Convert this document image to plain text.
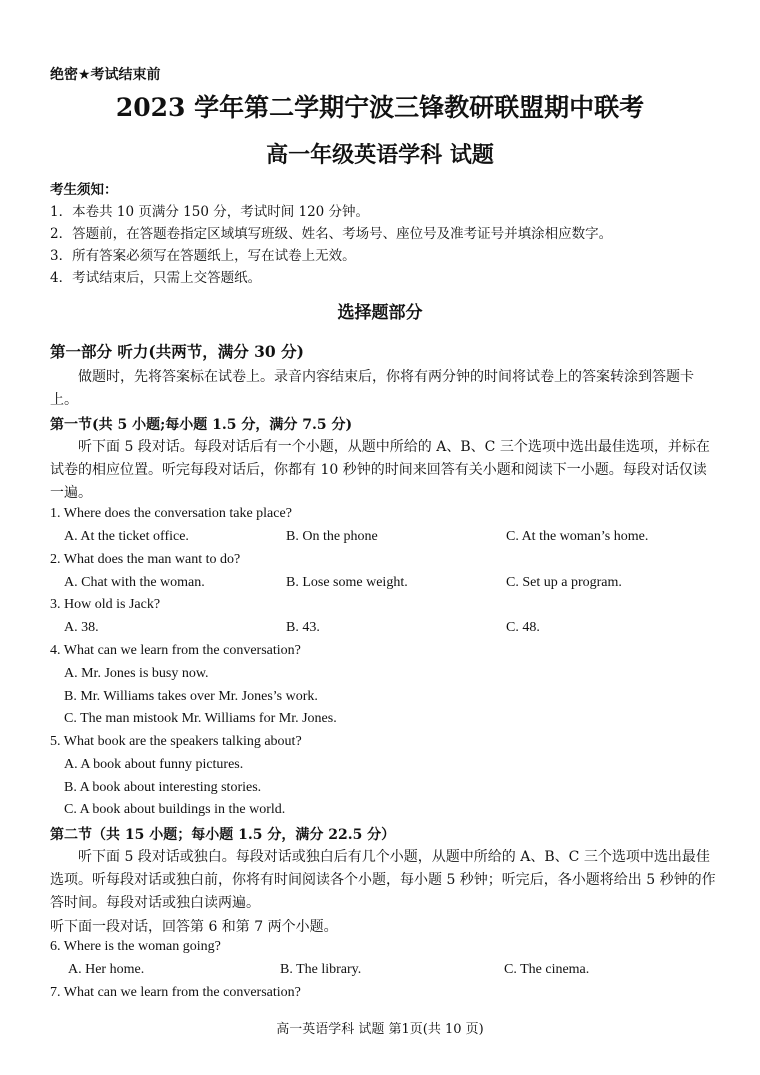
绝密★考试结束前
2023 学年第二学期宁波三锋教研联盟期中联考
高一年级英语学科 试题
考生须知：
1．本卷共 10 页满分 150 分，考试时间 120 分钟。
2．答题前，在答题卷指定区域填写班级、姓名、考场号、座位号及准考证号并填涂相应数字。
3．所有答案必须写在答题纸上，写在试卷上无效。
4．考试结束后，只需上交答题纸。
选择题部分
第一部分 听力(共两节，满分 30 分)
做题时，先将答案标在试卷上。录音内容结束后，你将有两分钟的时间将试卷上的答案转涂到答题卡上。
第一节(共 5 小题;每小题 1.5 分，满分 7.5 分)
听下面 5 段对话。每段对话后有一个小题，从题中所给的 A、B、C 三个选项中选出最佳选项，并标在试卷的相应位置。听完每段对话后，你都有 10 秒钟的时间来回答有关小题和阅读下一小题。每段对话仅读一遍。
1. Where does the conversation take place?
A. At the ticket office.	B. On the phone	C. At the woman’s home.
2. What does the man want to do?
A. Chat with the woman.	B. Lose some weight.	C. Set up a program.
3. How old is Jack?
A. 38.	B. 43.	C. 48.
4. What can we learn from the conversation?
A. Mr. Jones is busy now.
B. Mr. Williams takes over Mr. Jones’s work.
C. The man mistook Mr. Williams for Mr. Jones.
5. What book are the speakers talking about?
A. A book about funny pictures.
B. A book about interesting stories.
C. A book about buildings in the world.
第二节（共 15 小题；每小题 1.5 分，满分 22.5 分）
听下面 5 段对话或独白。每段对话或独白后有几个小题，从题中所给的 A、B、C 三个选项中选出最佳选项。听每段对话或独白前，你将有时间阅读各个小题，每小题 5 秒钟；听完后，各小题将给出 5 秒钟的作答时间。每段对话或独白读两遍。
听下面一段对话，回答第 6 和第 7 两个小题。
6. Where is the woman going?
A. Her home.	B. The library.	C. The cinema.
7. What can we learn from the conversation?
高一英语学科 试题 第1页(共 10 页)
